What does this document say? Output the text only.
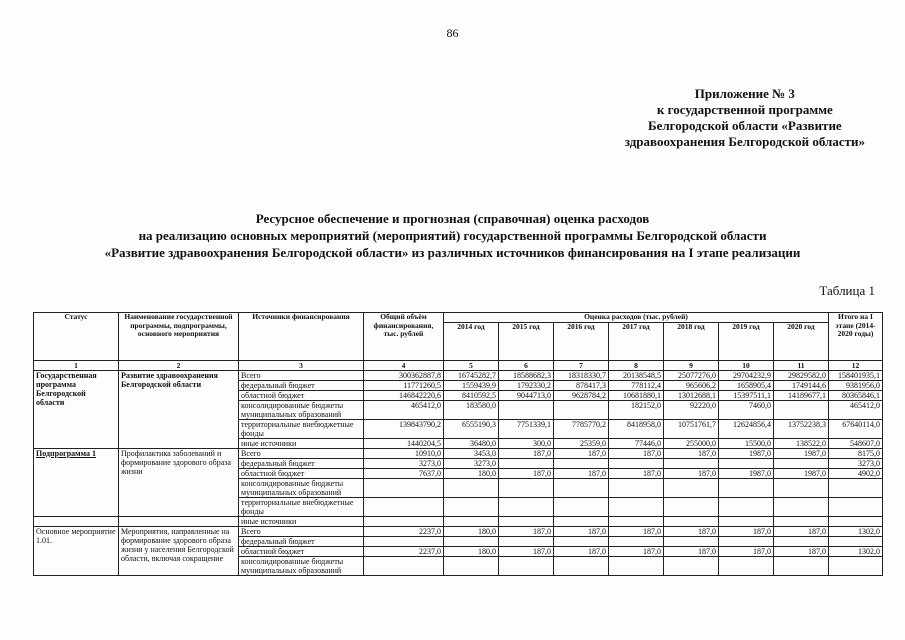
86
Приложение № 3
к государственной программе
Белгородской области «Развитие
здравоохранения Белгородской области»
Ресурсное обеспечение и прогнозная (справочная) оценка расходов
на реализацию основных мероприятий (мероприятий) государственной программы Белгородской области
«Развитие здравоохранения Белгородской области» из различных источников финансирования на I этапе реализации
Таблица 1
Статус	Наименование государственной программы, подпрограммы, основного мероприятия	Источники финансирования	Общий объём финансирования, тыс. рублей	Оценка расходов (тыс. рублей)							Итого на I этапе (2014-2020 годы)
				2014 год	2015 год	2016 год	2017 год	2018 год	2019 год	2020 год	
1	2	3	4	5	6	7	8	9	10	11	12
Государственная программа Белгородской области	Развитие здравоохранения Белгородской области	Всего	300362887,8	16745282,7	18588682,3	18318330,7	20138548,5	25077276,0	29704232,9	29829582,0	158401935,1
		федеральный бюджет	11771260,5	1559439,9	1792330,2	878417,3	778112,4	965606,2	1658905,4	1749144,6	9381956,0
		областной бюджет	146842220,6	8410592,5	9044713,0	9628784,2	10681880,1	13012688,1	15397511,1	14189677,1	80365846,1
		консолидированные бюджеты муниципальных образований	465412,0	183580,0			182152,0	92220,0	7460,0		465412,0
		территориальные внебюджетные фонды	139843790,2	6555190,3	7751339,1	7785770,2	8418958,0	10751761,7	12624856,4	13752238,3	67640114,0
		иные источники	1440204,5	36480,0	300,0	25359,0	77446,0	255000,0	15500,0	138522,0	548607,0
Подпрограмма 1	Профилактика заболеваний и формирование здорового образа жизни	Всего	10910,0	3453,0	187,0	187,0	187,0	187,0	1987,0	1987,0	8175,0
		федеральный бюджет	3273,0	3273,0							3273,0
		областной бюджет	7637,0	180,0	187,0	187,0	187,0	187,0	1987,0	1987,0	4902,0
		консолидированные бюджеты муниципальных образований									
		территориальные внебюджетные фонды									
		иные источники									
Основное мероприятие 1.01.	Мероприятия, направленные на формирование здорового образа жизни у населения Белгородской области, включая сокращение	Всего	2237,0	180,0	187,0	187,0	187,0	187,0	187,0	187,0	1302,0
		федеральный бюджет									
		областной бюджет	2237,0	180,0	187,0	187,0	187,0	187,0	187,0	187,0	1302,0
		консолидированные бюджеты муниципальных образований									
